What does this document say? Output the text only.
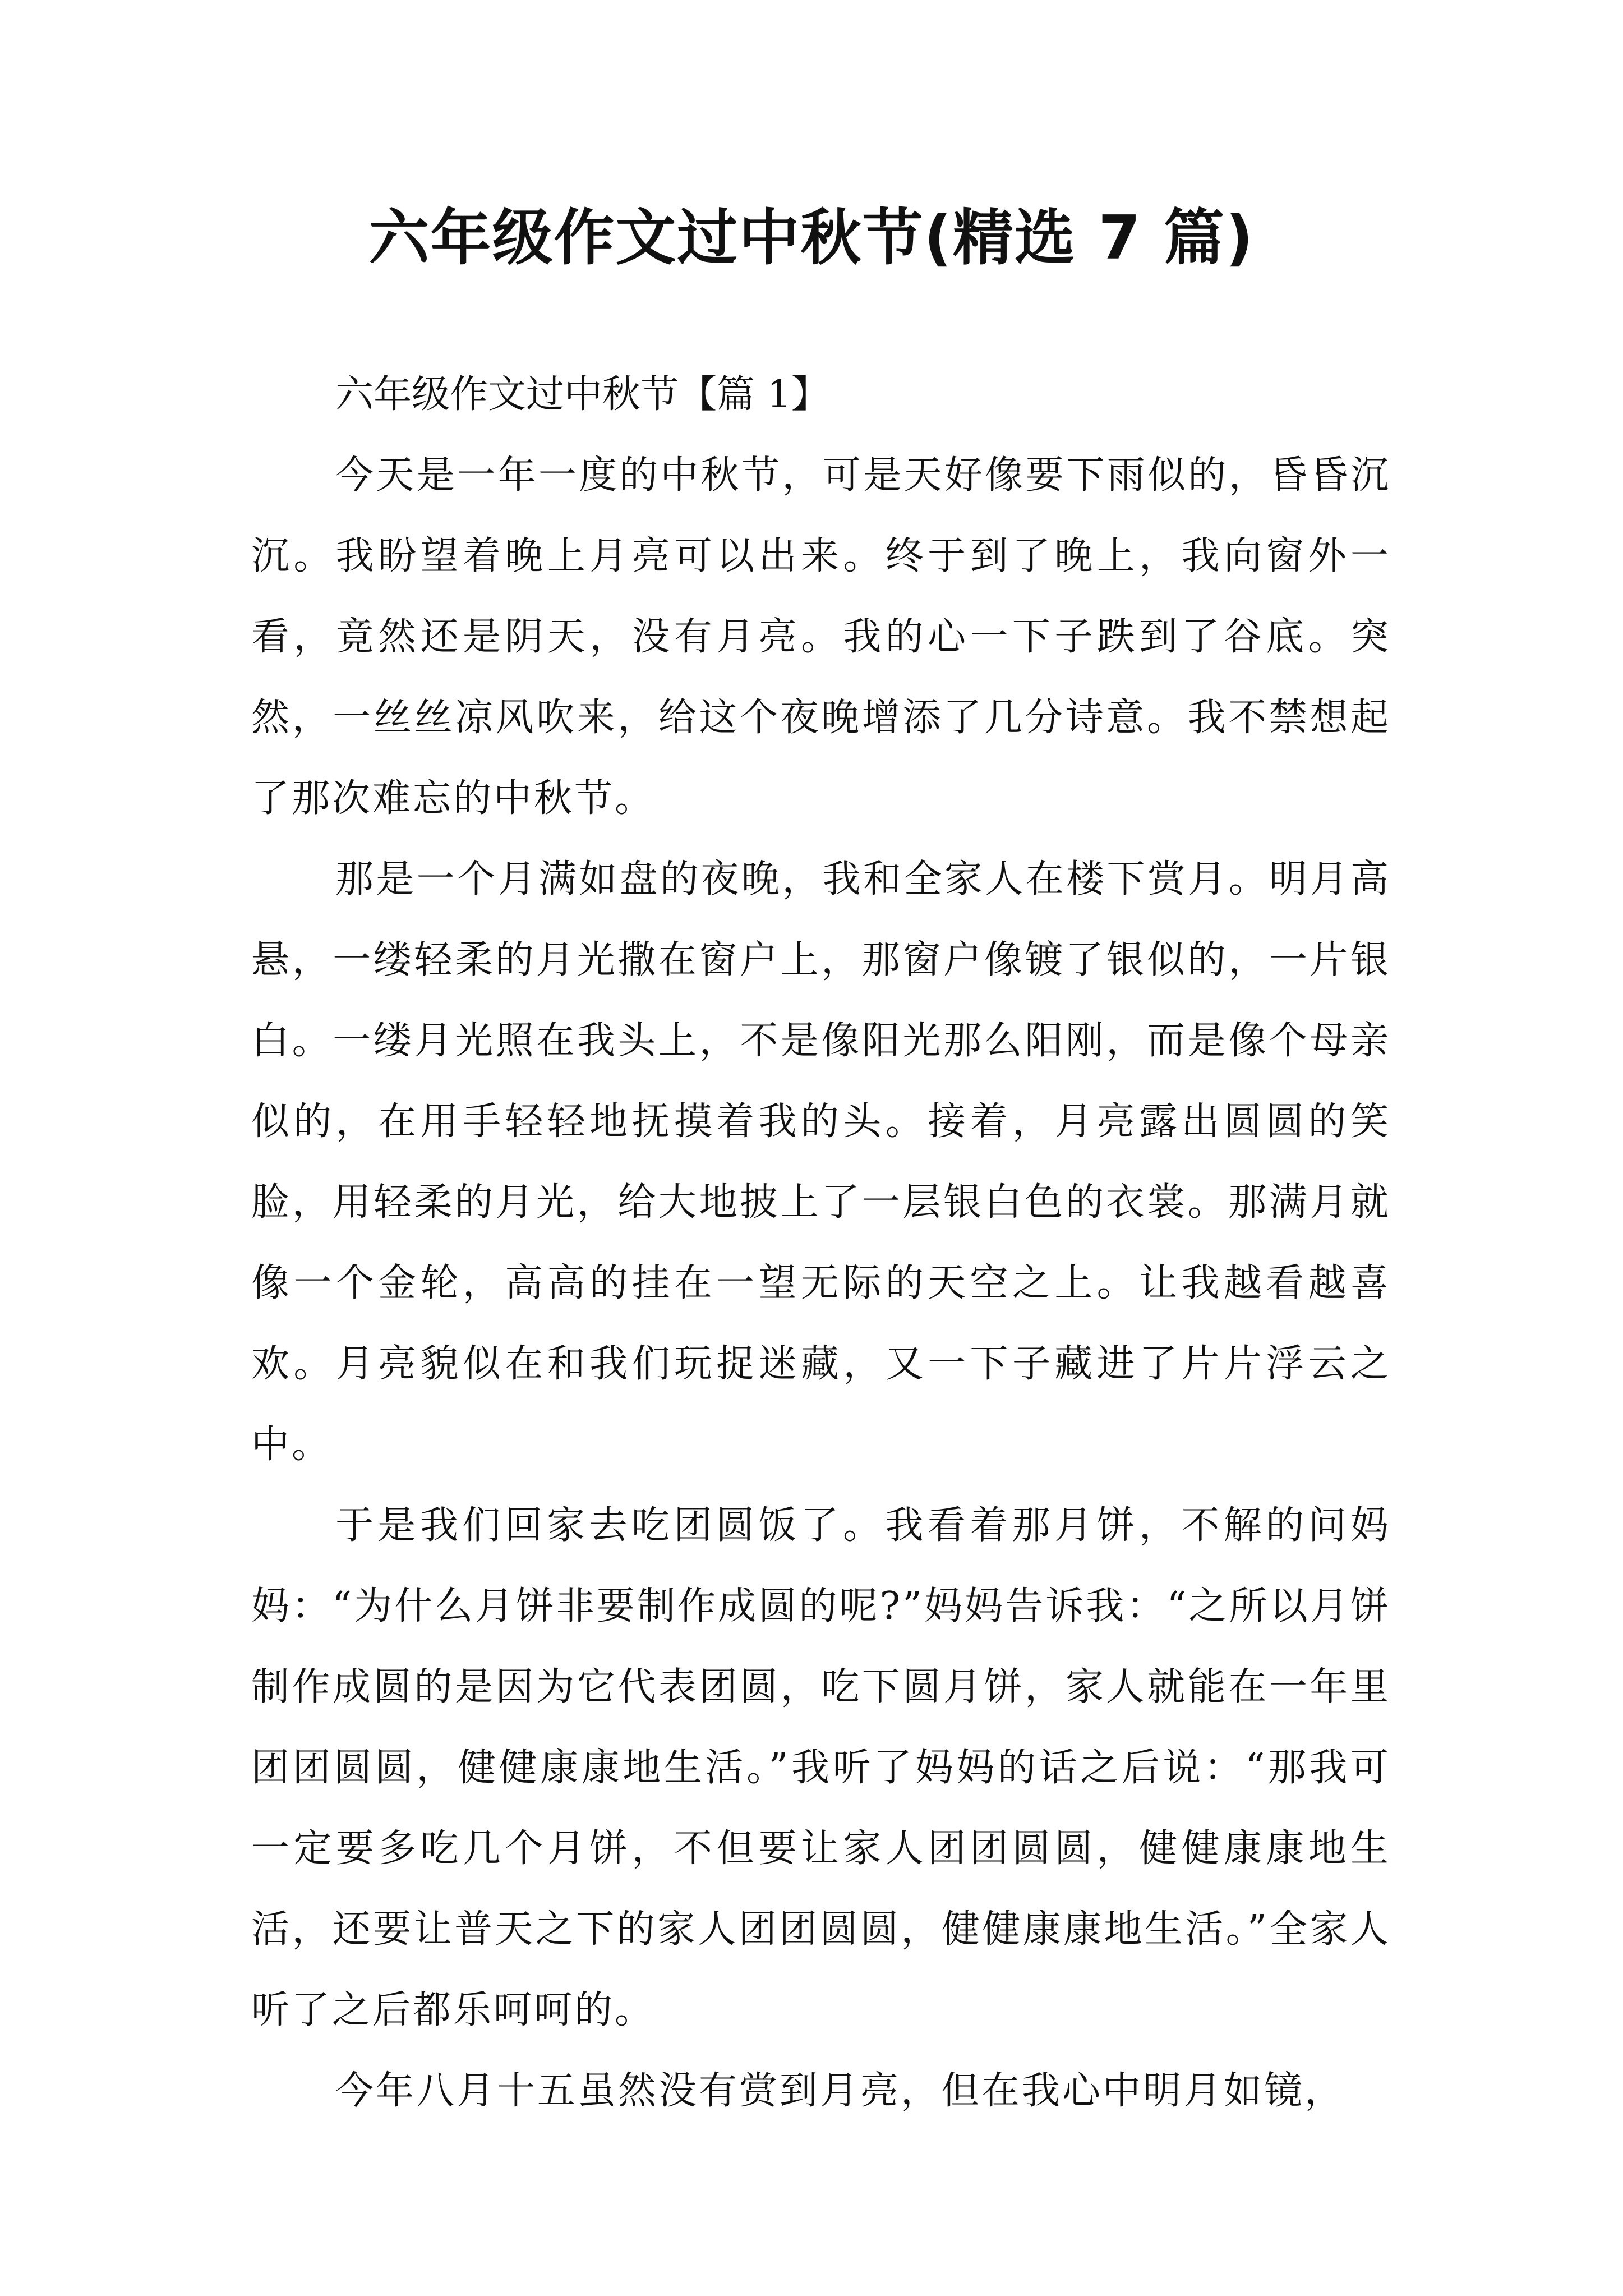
六年级作文过中秋节(精选 7 篇)

六年级作文过中秋节【篇 1】

今天是一年一度的中秋节，可是天好像要下雨似的，昏昏沉沉。我盼望着晚上月亮可以出来。终于到了晚上，我向窗外一看，竟然还是阴天，没有月亮。我的心一下子跌到了谷底。突然，一丝丝凉风吹来，给这个夜晚增添了几分诗意。我不禁想起了那次难忘的中秋节。

那是一个月满如盘的夜晚，我和全家人在楼下赏月。明月高悬，一缕轻柔的月光撒在窗户上，那窗户像镀了银似的，一片银白。一缕月光照在我头上，不是像阳光那么阳刚，而是像个母亲似的，在用手轻轻地抚摸着我的头。接着，月亮露出圆圆的笑脸，用轻柔的月光，给大地披上了一层银白色的衣裳。那满月就像一个金轮，高高的挂在一望无际的天空之上。让我越看越喜欢。月亮貌似在和我们玩捉迷藏，又一下子藏进了片片浮云之中。

于是我们回家去吃团圆饭了。我看着那月饼，不解的问妈妈：“为什么月饼非要制作成圆的呢?”妈妈告诉我：“之所以月饼制作成圆的是因为它代表团圆，吃下圆月饼，家人就能在一年里团团圆圆，健健康康地生活。”我听了妈妈的话之后说：“那我可一定要多吃几个月饼，不但要让家人团团圆圆，健健康康地生活，还要让普天之下的家人团团圆圆，健健康康地生活。”全家人听了之后都乐呵呵的。

今年八月十五虽然没有赏到月亮，但在我心中明月如镜，
